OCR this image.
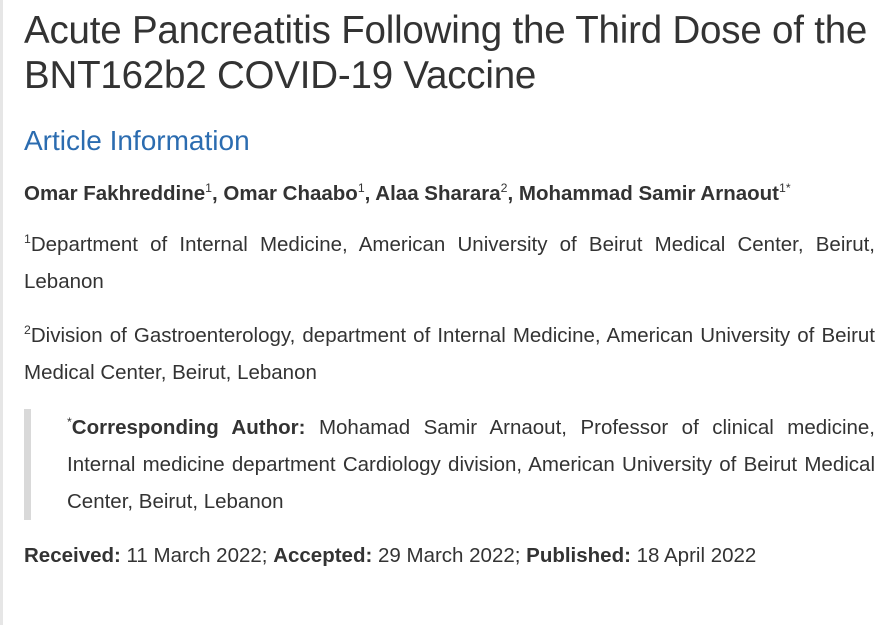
Acute Pancreatitis Following the Third Dose of the BNT162b2 COVID-19 Vaccine
Article Information
Omar Fakhreddine$^1$, Omar Chaabo$^1$, Alaa Sharara$^2$, Mohammad Samir Arnaout$^{1*}$
$^1$Department of Internal Medicine, American University of Beirut Medical Center, Beirut, Lebanon
$^2$Division of Gastroenterology, department of Internal Medicine, American University of Beirut Medical Center, Beirut, Lebanon
*Corresponding Author: Mohamad Samir Arnaout, Professor of clinical medicine, Internal medicine department Cardiology division, American University of Beirut Medical Center, Beirut, Lebanon
Received: 11 March 2022; Accepted: 29 March 2022; Published: 18 April 2022
